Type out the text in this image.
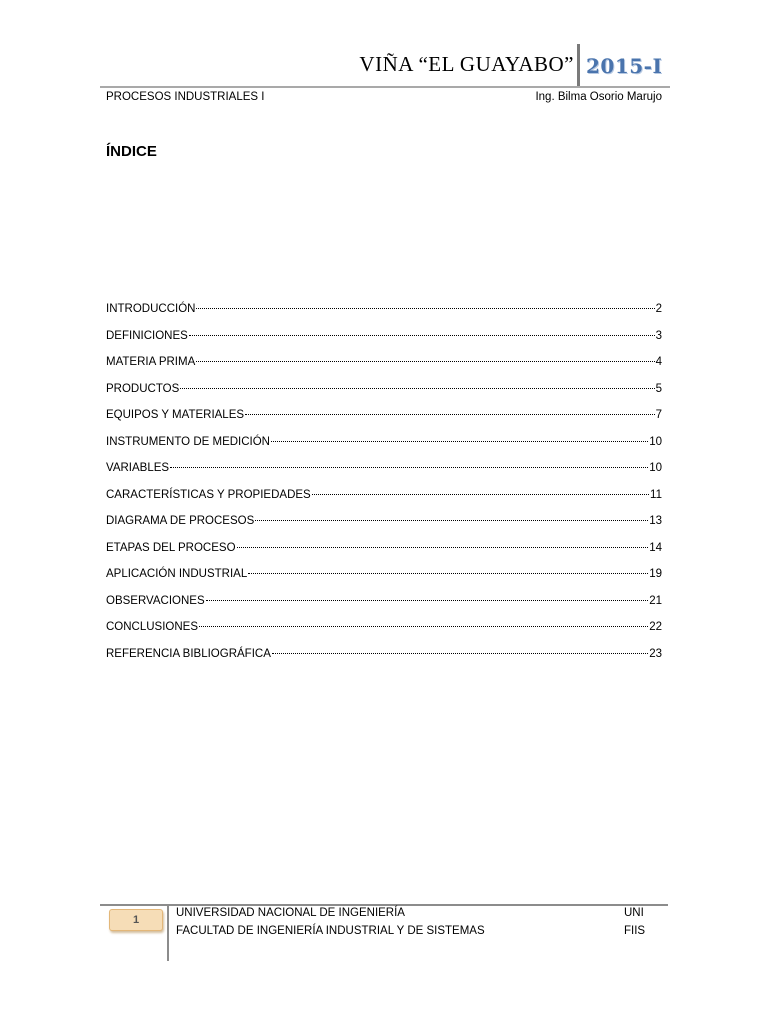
VIÑA “EL GUAYABO” 2015-I
PROCESOS INDUSTRIALES I	Ing. Bilma Osorio Marujo
ÍNDICE
INTRODUCCIÓN	2
DEFINICIONES	3
MATERIA PRIMA	4
PRODUCTOS	5
EQUIPOS Y MATERIALES	7
INSTRUMENTO DE MEDICIÓN	10
VARIABLES	10
CARACTERÍSTICAS Y PROPIEDADES	11
DIAGRAMA DE PROCESOS	13
ETAPAS DEL PROCESO	14
APLICACIÓN INDUSTRIAL	19
OBSERVACIONES	21
CONCLUSIONES	22
REFERENCIA BIBLIOGRÁFICA	23
1
UNIVERSIDAD NACIONAL DE INGENIERÍA	UNI
FACULTAD DE INGENIERÍA INDUSTRIAL Y DE SISTEMAS	FIIS
